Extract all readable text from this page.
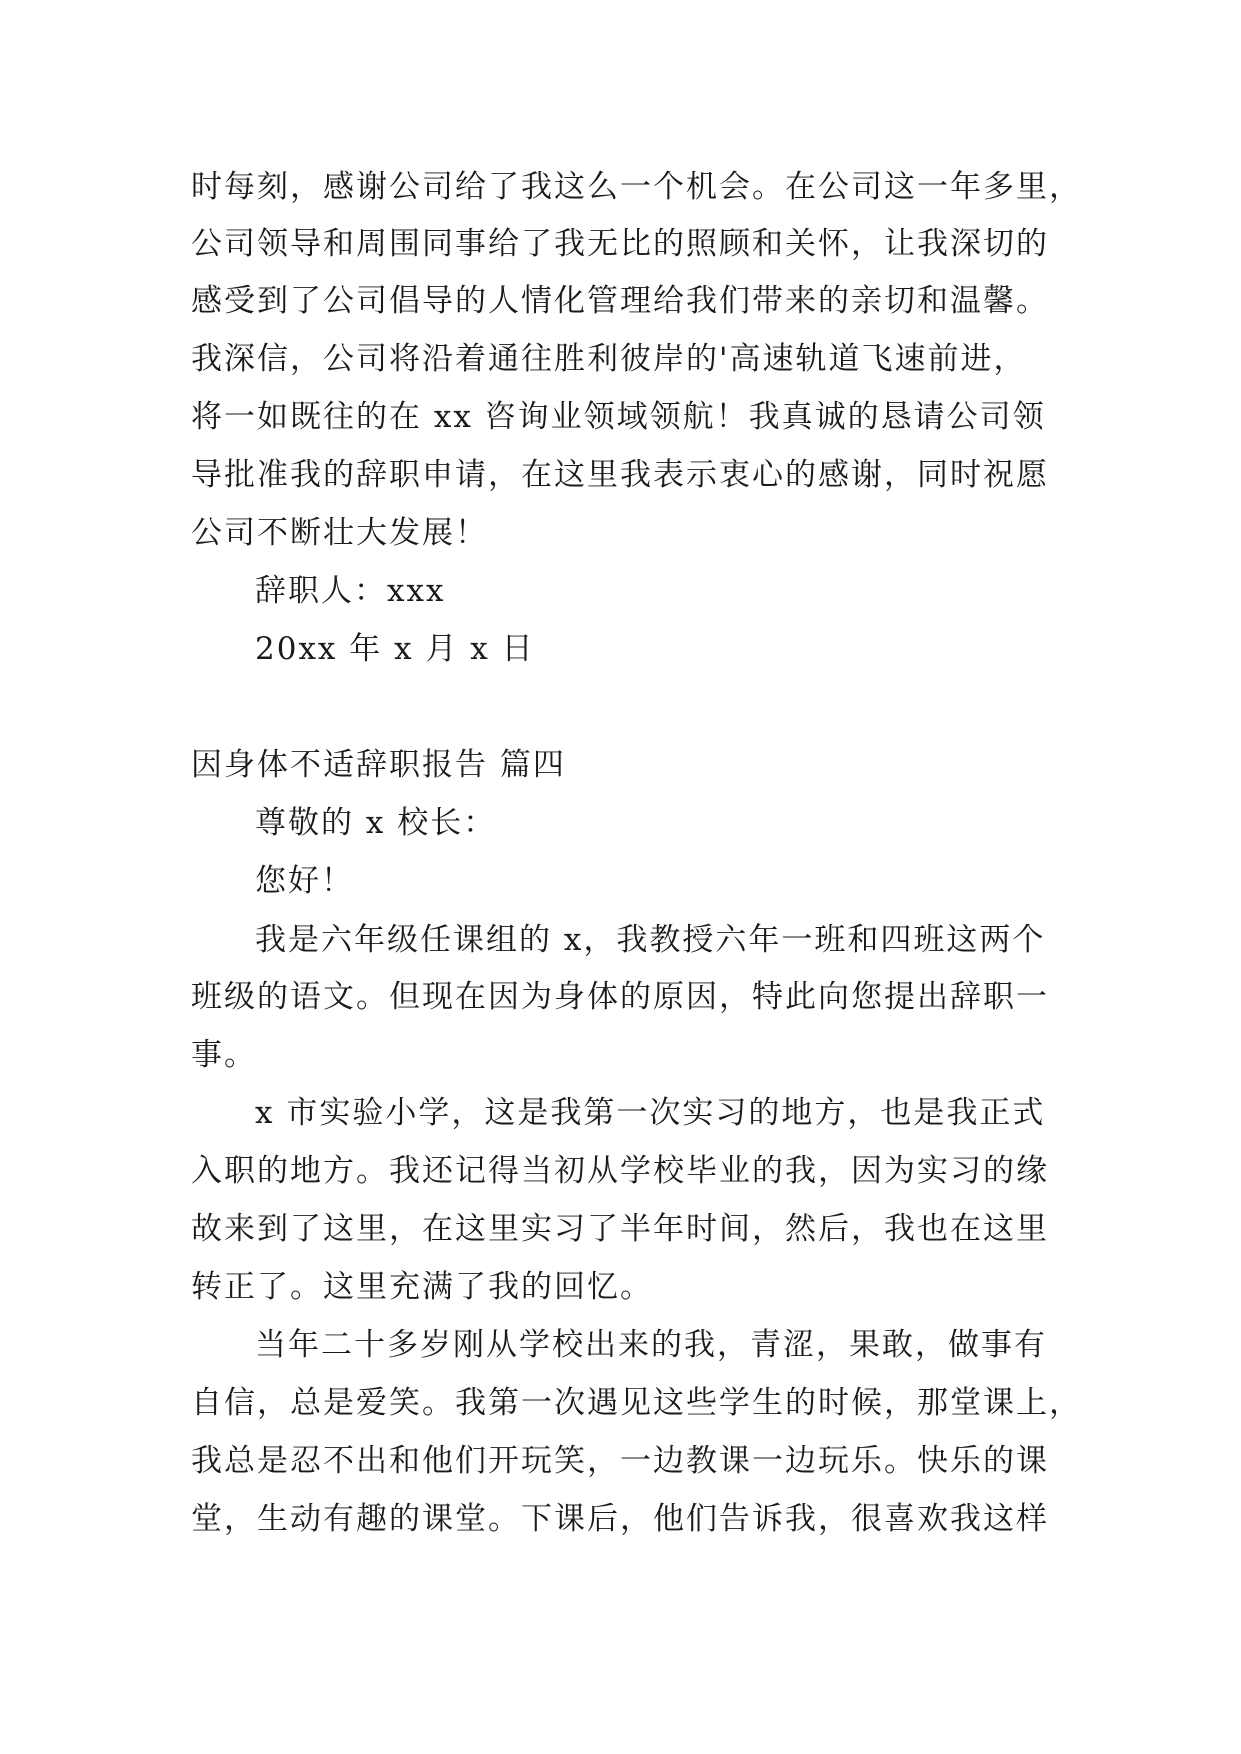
时每刻，感谢公司给了我这么一个机会。在公司这一年多里，
公司领导和周围同事给了我无比的照顾和关怀，让我深切的
感受到了公司倡导的人情化管理给我们带来的亲切和温馨。
我深信，公司将沿着通往胜利彼岸的'高速轨道飞速前进，
将一如既往的在 xx 咨询业领域领航！我真诚的恳请公司领
导批准我的辞职申请，在这里我表示衷心的感谢，同时祝愿
公司不断壮大发展！
辞职人：xxx
20xx 年 x 月 x 日
因身体不适辞职报告 篇四
尊敬的 x 校长：
您好！
我是六年级任课组的 x，我教授六年一班和四班这两个
班级的语文。但现在因为身体的原因，特此向您提出辞职一
事。
x 市实验小学，这是我第一次实习的地方，也是我正式
入职的地方。我还记得当初从学校毕业的我，因为实习的缘
故来到了这里，在这里实习了半年时间，然后，我也在这里
转正了。这里充满了我的回忆。
当年二十多岁刚从学校出来的我，青涩，果敢，做事有
自信，总是爱笑。我第一次遇见这些学生的时候，那堂课上，
我总是忍不出和他们开玩笑，一边教课一边玩乐。快乐的课
堂，生动有趣的课堂。下课后，他们告诉我，很喜欢我这样
